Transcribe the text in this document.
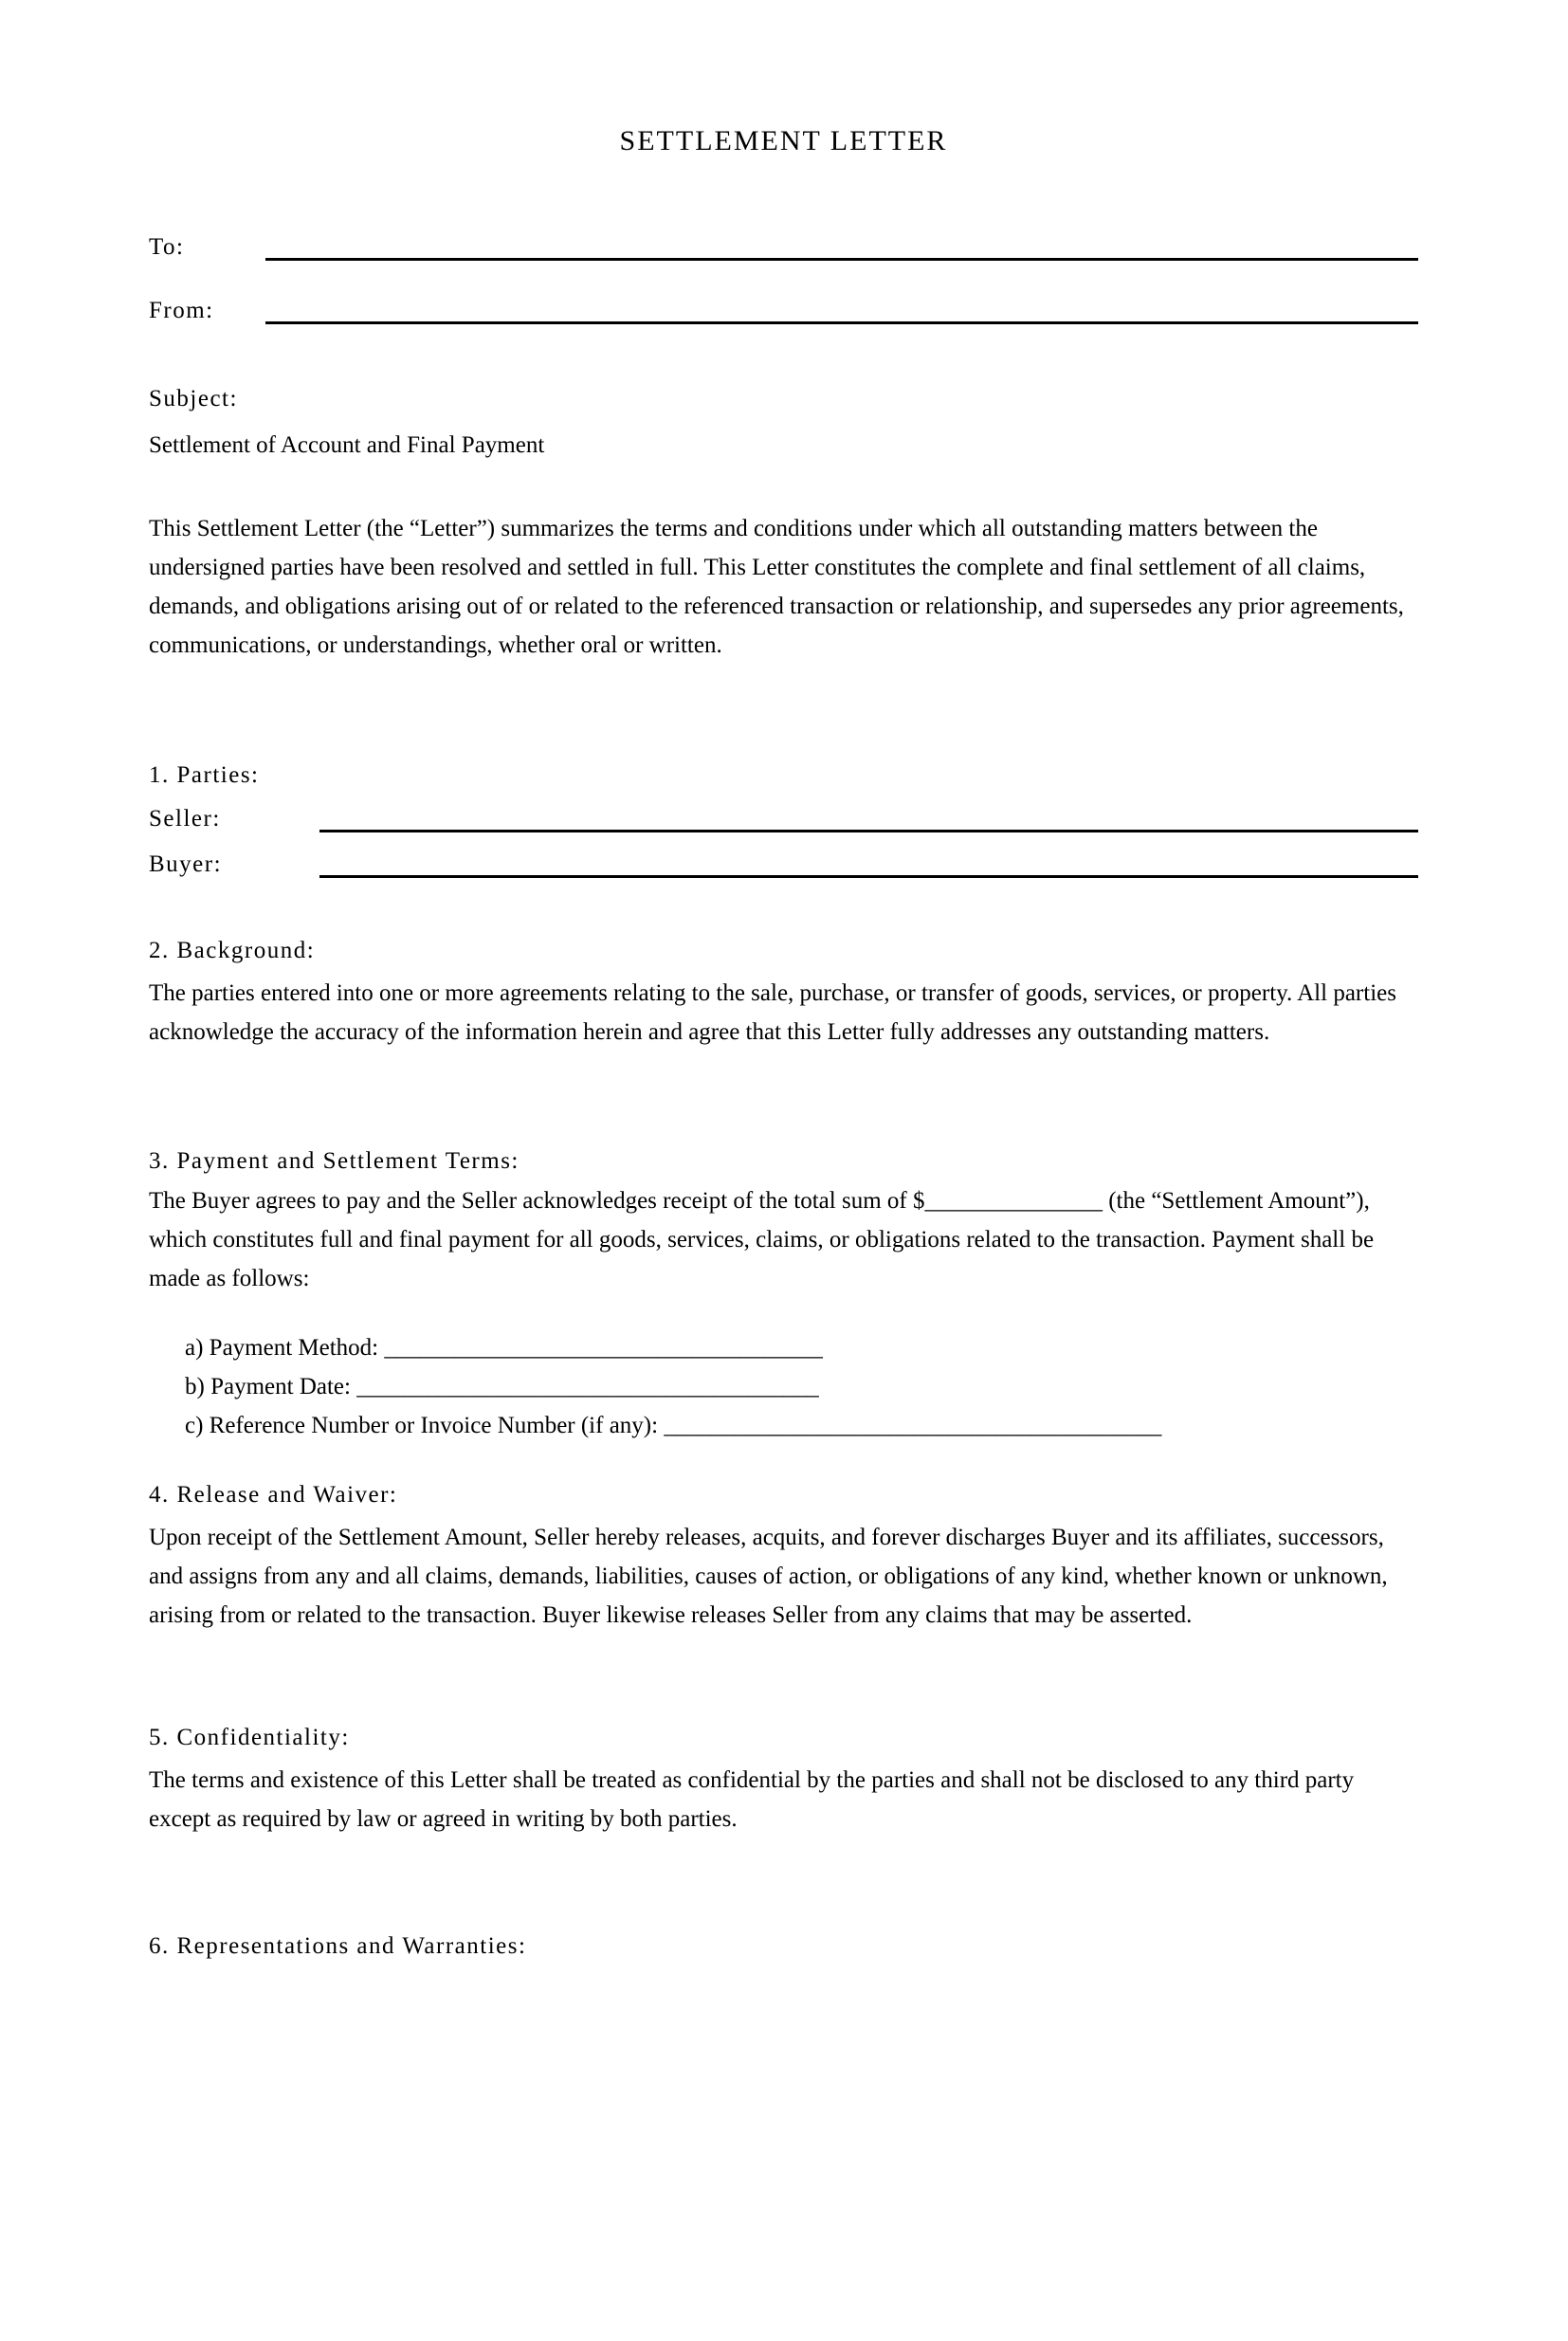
SETTLEMENT LETTER
To:
From:
Subject:
Settlement of Account and Final Payment

This Settlement Letter (the “Letter”) summarizes the terms and conditions under which all outstanding matters between the undersigned parties have been resolved and settled in full. This Letter constitutes the complete and final settlement of all claims, demands, and obligations arising out of or related to the referenced transaction or relationship, and supersedes any prior agreements, communications, or understandings, whether oral or written.

1. Parties:
Seller:
Buyer:
2. Background:

The parties entered into one or more agreements relating to the sale, purchase, or transfer of goods, services, or property. All parties acknowledge the accuracy of the information herein and agree that this Letter fully addresses any outstanding matters.

3. Payment and Settlement Terms:

The Buyer agrees to pay and the Seller acknowledges receipt of the total sum of $_______________ (the “Settlement Amount”), which constitutes full and final payment for all goods, services, claims, or obligations related to the transaction. Payment shall be made as follows:

a) Payment Method: _____________________________________
b) Payment Date: _______________________________________
c) Reference Number or Invoice Number (if any): __________________________________________
4. Release and Waiver:

Upon receipt of the Settlement Amount, Seller hereby releases, acquits, and forever discharges Buyer and its affiliates, successors, and assigns from any and all claims, demands, liabilities, causes of action, or obligations of any kind, whether known or unknown, arising from or related to the transaction. Buyer likewise releases Seller from any claims that may be asserted.

5. Confidentiality:

The terms and existence of this Letter shall be treated as confidential by the parties and shall not be disclosed to any third party except as required by law or agreed in writing by both parties.

6. Representations and Warranties:
